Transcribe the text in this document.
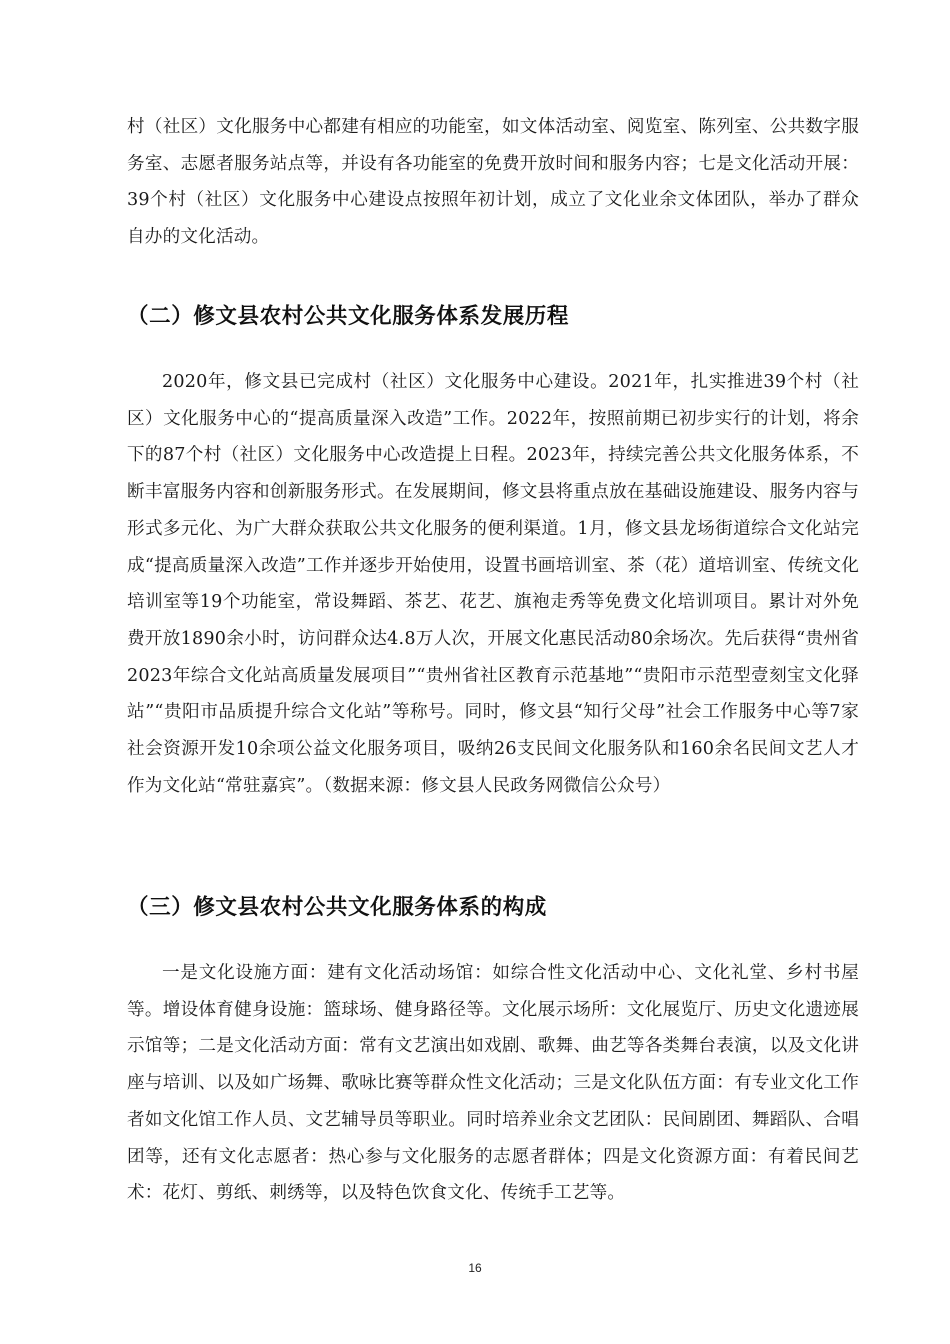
村（社区）文化服务中心都建有相应的功能室，如文体活动室、阅览室、陈列室、公共数字服务室、志愿者服务站点等，并设有各功能室的免费开放时间和服务内容；七是文化活动开展：39个村（社区）文化服务中心建设点按照年初计划，成立了文化业余文体团队，举办了群众自办的文化活动。

（二）修文县农村公共文化服务体系发展历程

2020年，修文县已完成村（社区）文化服务中心建设。2021年，扎实推进39个村（社区）文化服务中心的“提高质量深入改造”工作。2022年，按照前期已初步实行的计划，将余下的87个村（社区）文化服务中心改造提上日程。2023年，持续完善公共文化服务体系，不断丰富服务内容和创新服务形式。在发展期间，修文县将重点放在基础设施建设、服务内容与形式多元化、为广大群众获取公共文化服务的便利渠道。1月，修文县龙场街道综合文化站完成“提高质量深入改造”工作并逐步开始使用，设置书画培训室、茶（花）道培训室、传统文化培训室等19个功能室，常设舞蹈、茶艺、花艺、旗袍走秀等免费文化培训项目。累计对外免费开放1890余小时，访问群众达4.8万人次，开展文化惠民活动80余场次。先后获得“贵州省2023年综合文化站高质量发展项目”“贵州省社区教育示范基地”“贵阳市示范型壹刻宝文化驿站”“贵阳市品质提升综合文化站”等称号。同时，修文县“知行父母”社会工作服务中心等7家社会资源开发10余项公益文化服务项目，吸纳26支民间文化服务队和160余名民间文艺人才作为文化站“常驻嘉宾”。（数据来源：修文县人民政务网微信公众号）

（三）修文县农村公共文化服务体系的构成

一是文化设施方面：建有文化活动场馆：如综合性文化活动中心、文化礼堂、乡村书屋等。增设体育健身设施：篮球场、健身路径等。文化展示场所：文化展览厅、历史文化遗迹展示馆等；二是文化活动方面：常有文艺演出如戏剧、歌舞、曲艺等各类舞台表演，以及文化讲座与培训、以及如广场舞、歌咏比赛等群众性文化活动；三是文化队伍方面：有专业文化工作者如文化馆工作人员、文艺辅导员等职业。同时培养业余文艺团队：民间剧团、舞蹈队、合唱团等，还有文化志愿者：热心参与文化服务的志愿者群体；四是文化资源方面：有着民间艺术：花灯、剪纸、刺绣等，以及特色饮食文化、传统手工艺等。

16
